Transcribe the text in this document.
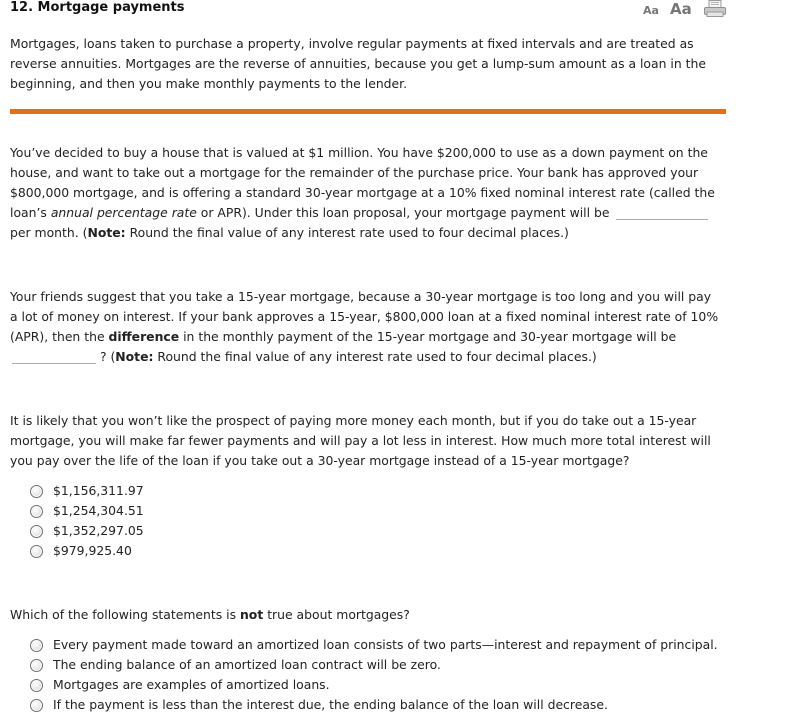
12. Mortgage payments	Aa Aa
Mortgages, loans taken to purchase a property, involve regular payments at fixed intervals and are treated as reverse annuities. Mortgages are the reverse of annuities, because you get a lump-sum amount as a loan in the beginning, and then you make monthly payments to the lender.
You’ve decided to buy a house that is valued at $1 million. You have $200,000 to use as a down payment on the house, and want to take out a mortgage for the remainder of the purchase price. Your bank has approved your $800,000 mortgage, and is offering a standard 30-year mortgage at a 10% fixed nominal interest rate (called the loan’s annual percentage rate or APR). Under this loan proposal, your mortgage payment will be  per month. (Note: Round the final value of any interest rate used to four decimal places.)
Your friends suggest that you take a 15-year mortgage, because a 30-year mortgage is too long and you will pay a lot of money on interest. If your bank approves a 15-year, $800,000 loan at a fixed nominal interest rate of 10% (APR), then the difference in the monthly payment of the 15-year mortgage and 30-year mortgage will be  ? (Note: Round the final value of any interest rate used to four decimal places.)
It is likely that you won’t like the prospect of paying more money each month, but if you do take out a 15-year mortgage, you will make far fewer payments and will pay a lot less in interest. How much more total interest will you pay over the life of the loan if you take out a 30-year mortgage instead of a 15-year mortgage?
$1,156,311.97
$1,254,304.51
$1,352,297.05
$979,925.40
Which of the following statements is not true about mortgages?
Every payment made toward an amortized loan consists of two parts—interest and repayment of principal.
The ending balance of an amortized loan contract will be zero.
Mortgages are examples of amortized loans.
If the payment is less than the interest due, the ending balance of the loan will decrease.
